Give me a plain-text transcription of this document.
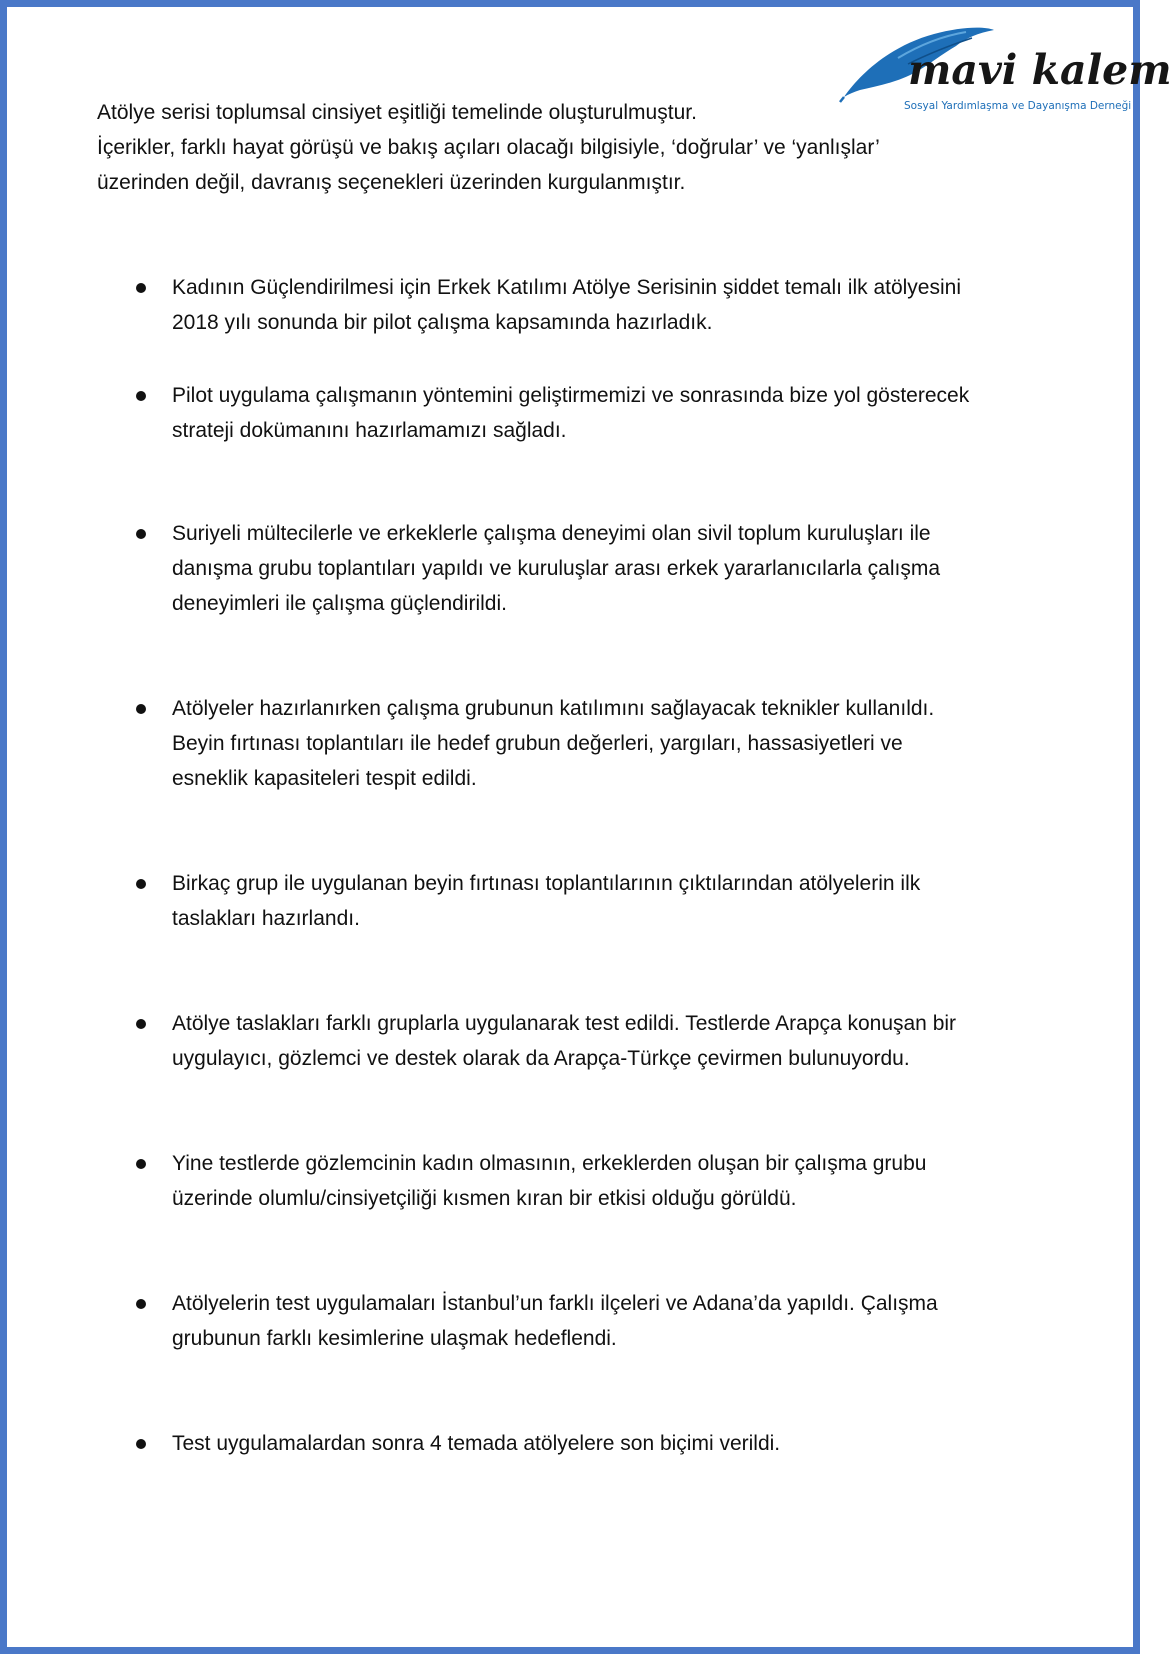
mavi kalem
Sosyal Yardımlaşma ve Dayanışma Derneği

Atölye serisi toplumsal cinsiyet eşitliği temelinde oluşturulmuştur.

İçerikler, farklı hayat görüşü ve bakış açıları olacağı bilgisiyle, ‘doğrular’ ve ‘yanlışlar’

üzerinden değil, davranış seçenekleri üzerinden kurgulanmıştır.

Kadının Güçlendirilmesi için Erkek Katılımı Atölye Serisinin şiddet temalı ilk atölyesini
2018 yılı sonunda bir pilot çalışma kapsamında hazırladık.
Pilot uygulama çalışmanın yöntemini geliştirmemizi ve sonrasında bize yol gösterecek
strateji dokümanını hazırlamamızı sağladı.
Suriyeli mültecilerle ve erkeklerle çalışma deneyimi olan sivil toplum kuruluşları ile
danışma grubu toplantıları yapıldı ve kuruluşlar arası erkek yararlanıcılarla çalışma
deneyimleri ile çalışma güçlendirildi.
Atölyeler hazırlanırken çalışma grubunun katılımını sağlayacak teknikler kullanıldı.
Beyin fırtınası toplantıları ile hedef grubun değerleri, yargıları, hassasiyetleri ve
esneklik kapasiteleri tespit edildi.
Birkaç grup ile uygulanan beyin fırtınası toplantılarının çıktılarından atölyelerin ilk
taslakları hazırlandı.
Atölye taslakları farklı gruplarla uygulanarak test edildi. Testlerde Arapça konuşan bir
uygulayıcı, gözlemci ve destek olarak da Arapça-Türkçe çevirmen bulunuyordu.
Yine testlerde gözlemcinin kadın olmasının, erkeklerden oluşan bir çalışma grubu
üzerinde olumlu/cinsiyetçiliği kısmen kıran bir etkisi olduğu görüldü.
Atölyelerin test uygulamaları İstanbul’un farklı ilçeleri ve Adana’da yapıldı. Çalışma
grubunun farklı kesimlerine ulaşmak hedeflendi.
Test uygulamalardan sonra 4 temada atölyelere son biçimi verildi.
